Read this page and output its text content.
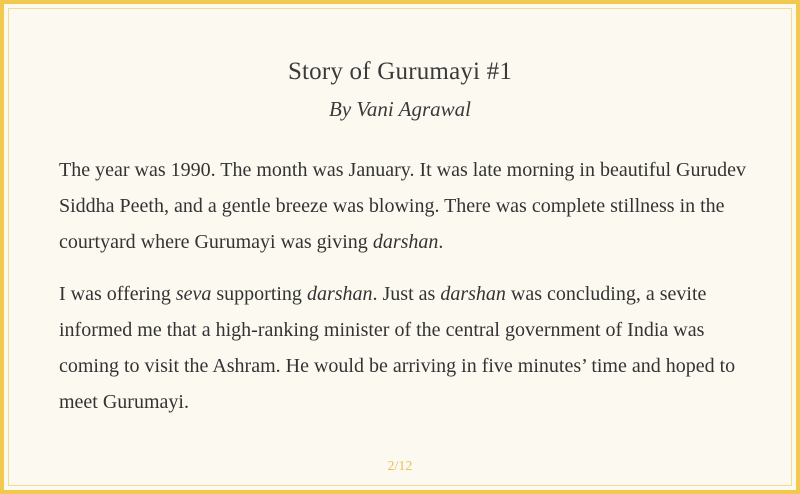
Story of Gurumayi #1
By Vani Agrawal

The year was 1990. The month was January. It was late morning in beautiful Gurudev Siddha Peeth, and a gentle breeze was blowing. There was complete stillness in the courtyard where Gurumayi was giving darshan.

I was offering seva supporting darshan. Just as darshan was concluding, a sevite informed me that a high-ranking minister of the central government of India was coming to visit the Ashram. He would be arriving in five minutes’ time and hoped to meet Gurumayi.

2/12
